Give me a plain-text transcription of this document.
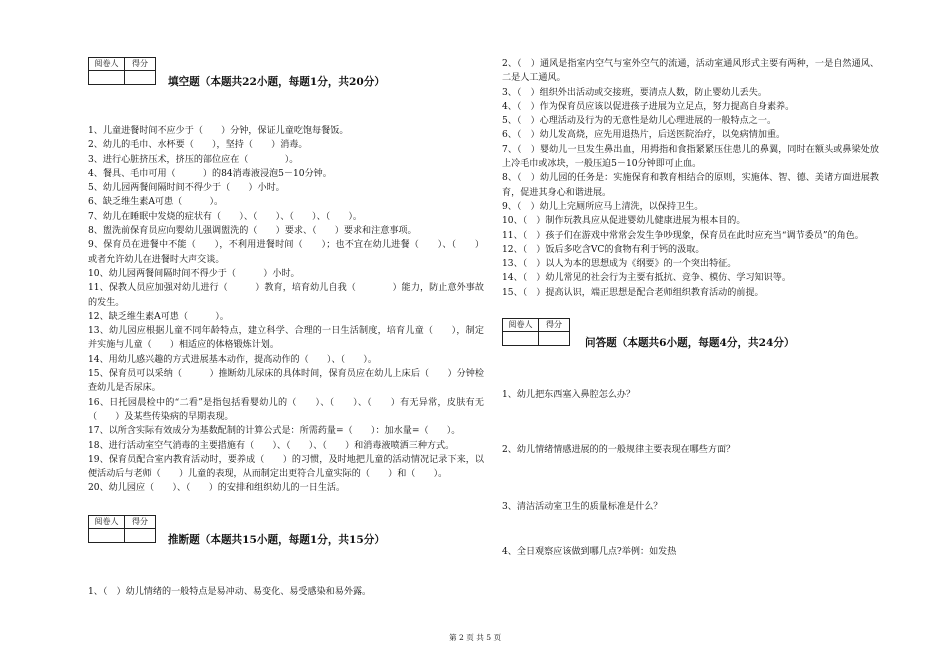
阅卷人	得分

填空题（本题共22小题，每题1分，共20分）

1、儿童进餐时间不应少于（　　）分钟，保证儿童吃饱每餐饭。

2、幼儿的毛巾、水杯要（　　），坚持（　　）消毒。

3、进行心脏挤压术，挤压的部位应在（　　　　）。

4、餐具、毛巾可用（　　　）的84消毒液浸泡5－10分钟。

5、幼儿园两餐间隔时间不得少于（　　）小时。

6、缺乏维生素A可患（　　　）。

7、幼儿在睡眠中发烧的症状有（　　）、（　　）、（　　）、（　　）。

8、盥洗前保育员应向婴幼儿强调盥洗的（　　）要求、（　　）要求和注意事项。

9、保育员在进餐中不能（　　），不利用进餐时间（　　）；也不宜在幼儿进餐（　　）、（　　）或者允许幼儿在进餐时大声交谈。

10、幼儿园两餐间隔时间不得少于（　　　）小时。

11、保教人员应加强对幼儿进行（　　　）教育，培育幼儿自我（　　　　）能力，防止意外事故的发生。

12、缺乏维生素A可患（　　　）。

13、幼儿园应根据儿童不同年龄特点，建立科学、合理的一日生活制度，培育儿童（　　），制定并实施与儿童（　　）相适应的体格锻炼计划。

14、用幼儿感兴趣的方式进展基本动作，提高动作的（　　）、（　　）。

15、保育员可以采纳（　　　）推断幼儿尿床的具体时间，保育员应在幼儿上床后（　　）分钟检查幼儿是否尿床。

16、日托园晨检中的“二看”是指包括看婴幼儿的（　　）、（　　）、（　　）有无异常，皮肤有无（　　）及某些传染病的早期表现。

17、以所含实际有效成分为基数配制的计算公式是：所需药量=（　　）：加水量=（　　）。

18、进行活动室空气消毒的主要措施有（　　）、（　　）、（　　）和消毒液喷洒三种方式。

19、保育员配合室内教育活动时，要养成（　　）的习惯，及时地把儿童的活动情况记录下来，以便活动后与老师（　　）儿童的表现，从而制定出更符合儿童实际的（　　）和（　　）。

20、幼儿园应（　　）、（　　）的安排和组织幼儿的一日生活。

阅卷人	得分

推断题（本题共15小题，每题1分，共15分）

1、（　）幼儿情绪的一般特点是易冲动、易变化、易受感染和易外露。

2、（　）通风是指室内空气与室外空气的流通，活动室通风形式主要有两种，一是自然通风、二是人工通风。

3、（　）组织外出活动或交接班，要清点人数，防止婴幼儿丢失。

4、（　）作为保育员应该以促进孩子进展为立足点，努力提高自身素养。

5、（　）心理活动及行为的无意性是幼儿心理进展的一般特点之一。

6、（　）幼儿发高烧，应先用退热片，后送医院治疗，以免病情加重。

7、（　）婴幼儿一旦发生鼻出血，用拇指和食指紧紧压住患儿的鼻翼，同时在额头或鼻梁处放上冷毛巾或冰块，一般压迫5－10分钟即可止血。

8、（　）幼儿园的任务是：实施保育和教育相结合的原则，实施体、智、德、美诸方面进展教育，促进其身心和谐进展。

9、（　）幼儿上完厕所应马上清洗，以保持卫生。

10、（　）制作玩教具应从促进婴幼儿健康进展为根本目的。

11、（　）孩子们在游戏中常常会发生争吵现象，保育员在此时应充当“调节委员”的角色。

12、（　）饭后多吃含VC的食物有利于钙的汲取。

13、（　）以人为本的思想成为《纲要》的一个突出特征。

14、（　）幼儿常见的社会行为主要有抵抗、竞争、模仿、学习知识等。

15、（　）提高认识，端正思想是配合老师组织教育活动的前提。

阅卷人	得分

问答题（本题共6小题，每题4分，共24分）

1、幼儿把东西塞入鼻腔怎么办？

2、幼儿情绪情感进展的的一般规律主要表现在哪些方面？

3、清洁活动室卫生的质量标准是什么？

4、全日观察应该做到哪几点?举例：如发热

第 2 页 共 5 页
